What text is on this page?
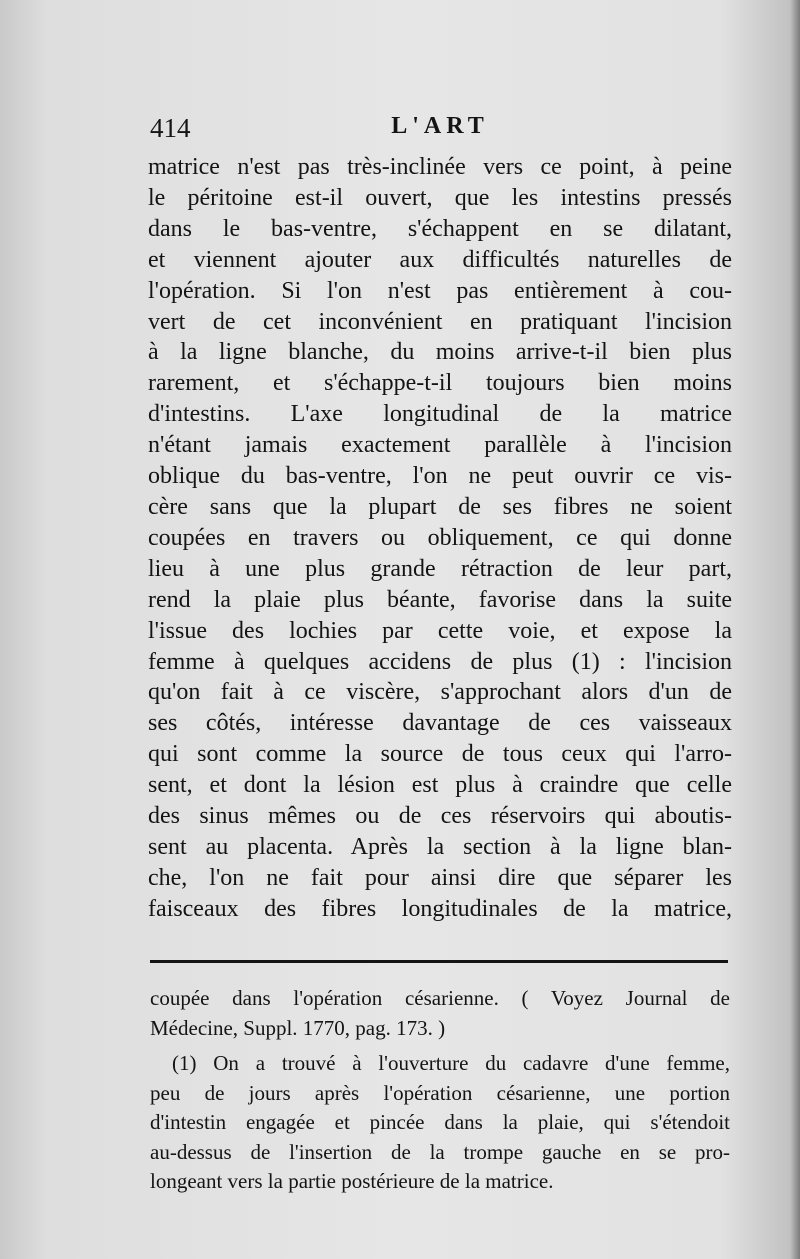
414	L'ART
matrice n'est pas très-inclinée vers ce point, à peine
le péritoine est-il ouvert, que les intestins pressés
dans le bas-ventre, s'échappent en se dilatant,
et viennent ajouter aux difficultés naturelles de
l'opération. Si l'on n'est pas entièrement à cou-
vert de cet inconvénient en pratiquant l'incision
à la ligne blanche, du moins arrive-t-il bien plus
rarement, et s'échappe-t-il toujours bien moins
d'intestins. L'axe longitudinal de la matrice
n'étant jamais exactement parallèle à l'incision
oblique du bas-ventre, l'on ne peut ouvrir ce vis-
cère sans que la plupart de ses fibres ne soient
coupées en travers ou obliquement, ce qui donne
lieu à une plus grande rétraction de leur part,
rend la plaie plus béante, favorise dans la suite
l'issue des lochies par cette voie, et expose la
femme à quelques accidens de plus (1) : l'incision
qu'on fait à ce viscère, s'approchant alors d'un de
ses côtés, intéresse davantage de ces vaisseaux
qui sont comme la source de tous ceux qui l'arro-
sent, et dont la lésion est plus à craindre que celle
des sinus mêmes ou de ces réservoirs qui aboutis-
sent au placenta. Après la section à la ligne blan-
che, l'on ne fait pour ainsi dire que séparer les
faisceaux des fibres longitudinales de la matrice,
coupée dans l'opération césarienne. ( Voyez Journal de
Médecine, Suppl. 1770, pag. 173. )
(1) On a trouvé à l'ouverture du cadavre d'une femme,
peu de jours après l'opération césarienne, une portion
d'intestin engagée et pincée dans la plaie, qui s'étendoit
au-dessus de l'insertion de la trompe gauche en se pro-
longeant vers la partie postérieure de la matrice.
